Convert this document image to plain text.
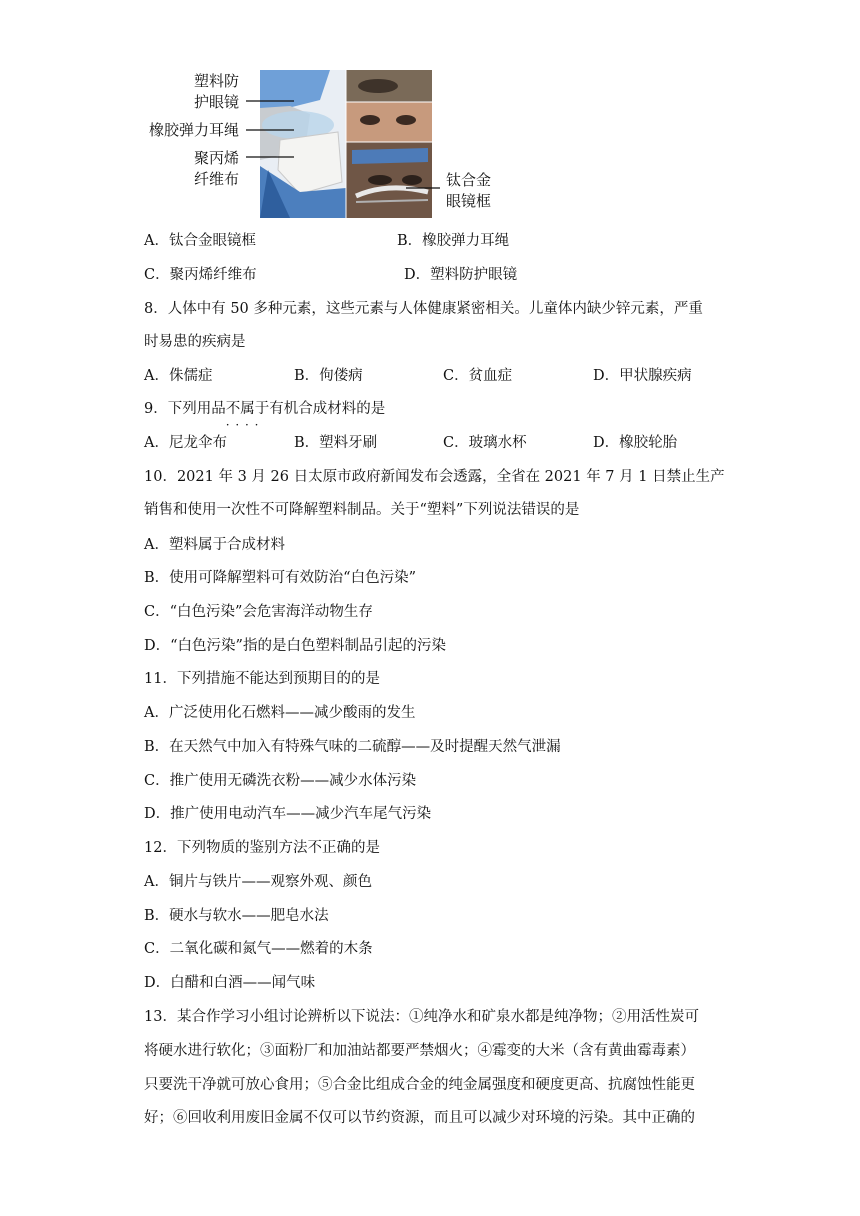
塑料防
护眼镜
橡胶弹力耳绳
聚丙烯
纤维布	钛合金
眼镜框
A．钛合金眼镜框	B．橡胶弹力耳绳
C．聚丙烯纤维布	D．塑料防护眼镜
8．人体中有 50 多种元素，这些元素与人体健康紧密相关。儿童体内缺少锌元素，严重
时易患的疾病是
A．侏儒症	B．佝偻病	C．贫血症	D．甲状腺疾病
9．下列用品不属于 · · · ·有机合成材料的是
A．尼龙伞布	B．塑料牙刷	C．玻璃水杯	D．橡胶轮胎
10．2021 年 3 月 26 日太原市政府新闻发布会透露，全省在 2021 年 7 月 1 日禁止生产
销售和使用一次性不可降解塑料制品。关于“塑料”下列说法错误的是
A．塑料属于合成材料
B．使用可降解塑料可有效防治“白色污染”
C．“白色污染”会危害海洋动物生存
D．“白色污染”指的是白色塑料制品引起的污染
11．下列措施不能达到预期目的的是
A．广泛使用化石燃料——减少酸雨的发生
B．在天然气中加入有特殊气味的二硫醇——及时提醒天然气泄漏
C．推广使用无磷洗衣粉——减少水体污染
D．推广使用电动汽车——减少汽车尾气污染
12．下列物质的鉴别方法不正确的是
A．铜片与铁片——观察外观、颜色
B．硬水与软水——肥皂水法
C．二氧化碳和氮气——燃着的木条
D．白醋和白酒——闻气味
13．某合作学习小组讨论辨析以下说法：①纯净水和矿泉水都是纯净物；②用活性炭可
将硬水进行软化；③面粉厂和加油站都要严禁烟火；④霉变的大米（含有黄曲霉毒素）
只要洗干净就可放心食用；⑤合金比组成合金的纯金属强度和硬度更高、抗腐蚀性能更
好；⑥回收利用废旧金属不仅可以节约资源，而且可以减少对环境的污染。其中正确的
